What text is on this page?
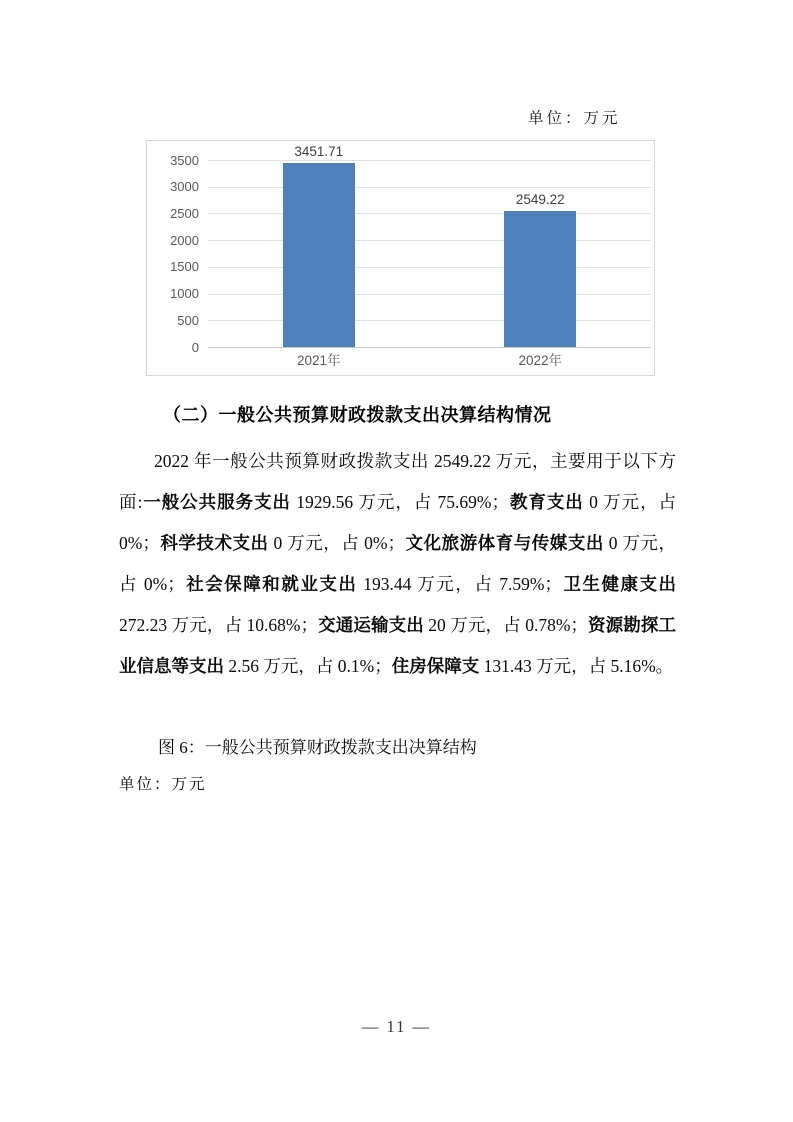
单位：万元
0
500
1000
1500
2000
2500
3000
3500
3451.71
2021年
2549.22
2022年
（二）一般公共预算财政拨款支出决算结构情况
2022 年一般公共预算财政拨款支出 2549.22 万元，主要用于以下方面:一般公共服务支出 1929.56 万元，占 75.69%；教育支出 0 万元，占 0%；科学技术支出 0 万元，占 0%；文化旅游体育与传媒支出 0 万元，占 0%；社会保障和就业支出 193.44 万元，占 7.59%；卫生健康支出 272.23 万元，占 10.68%；交通运输支出 20 万元，占 0.78%；资源勘探工业信息等支出 2.56 万元，占 0.1%；住房保障支 131.43 万元，占 5.16%。
图 6：一般公共预算财政拨款支出决算结构
单位：万元
— 11 —
